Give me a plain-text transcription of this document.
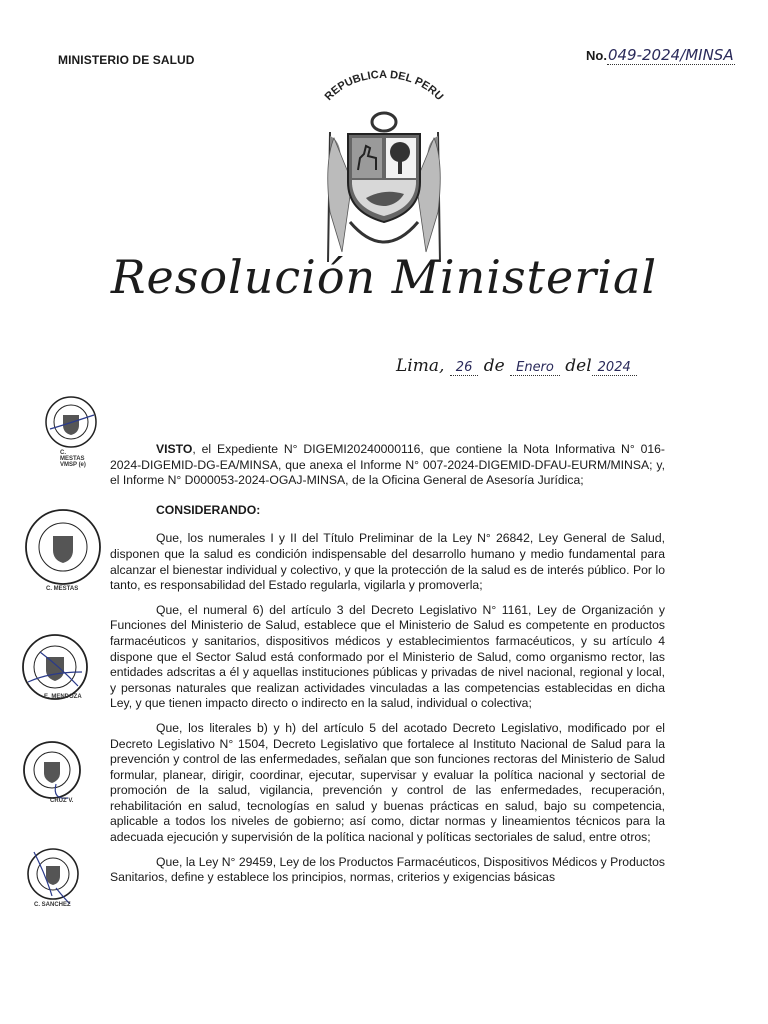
MINISTERIO DE SALUD	No.049-2024/MINSA
REPUBLICA DEL PERU
Resolución Ministerial
Lima, 26 de Enero del 2024
C. MESTAS VMSP (e)
C. MESTAS
E. MENDOZA
CRUZ V.
C. SANCHEZ

VISTO, el Expediente N° DIGEMI20240000116, que contiene la Nota Informativa N° 016-2024-DIGEMID-DG-EA/MINSA, que anexa el Informe N° 007-2024-DIGEMID-DFAU-EURM/MINSA; y, el Informe N° D000053-2024-OGAJ-MINSA, de la Oficina General de Asesoría Jurídica;

CONSIDERANDO:

Que, los numerales I y II del Título Preliminar de la Ley N° 26842, Ley General de Salud, disponen que la salud es condición indispensable del desarrollo humano y medio fundamental para alcanzar el bienestar individual y colectivo, y que la protección de la salud es de interés público. Por lo tanto, es responsabilidad del Estado regularla, vigilarla y promoverla;

Que, el numeral 6) del artículo 3 del Decreto Legislativo N° 1161, Ley de Organización y Funciones del Ministerio de Salud, establece que el Ministerio de Salud es competente en productos farmacéuticos y sanitarios, dispositivos médicos y establecimientos farmacéuticos, y su artículo 4 dispone que el Sector Salud está conformado por el Ministerio de Salud, como organismo rector, las entidades adscritas a él y aquellas instituciones públicas y privadas de nivel nacional, regional y local, y personas naturales que realizan actividades vinculadas a las competencias establecidas en dicha Ley, y que tienen impacto directo o indirecto en la salud, individual o colectiva;

Que, los literales b) y h) del artículo 5 del acotado Decreto Legislativo, modificado por el Decreto Legislativo N° 1504, Decreto Legislativo que fortalece al Instituto Nacional de Salud para la prevención y control de las enfermedades, señalan que son funciones rectoras del Ministerio de Salud formular, planear, dirigir, coordinar, ejecutar, supervisar y evaluar la política nacional y sectorial de promoción de la salud, vigilancia, prevención y control de las enfermedades, recuperación, rehabilitación en salud, tecnologías en salud y buenas prácticas en salud, bajo su competencia, aplicable a todos los niveles de gobierno; así como, dictar normas y lineamientos técnicos para la adecuada ejecución y supervisión de la política nacional y políticas sectoriales de salud, entre otros;

Que, la Ley N° 29459, Ley de los Productos Farmacéuticos, Dispositivos Médicos y Productos Sanitarios, define y establece los principios, normas, criterios y exigencias básicas
